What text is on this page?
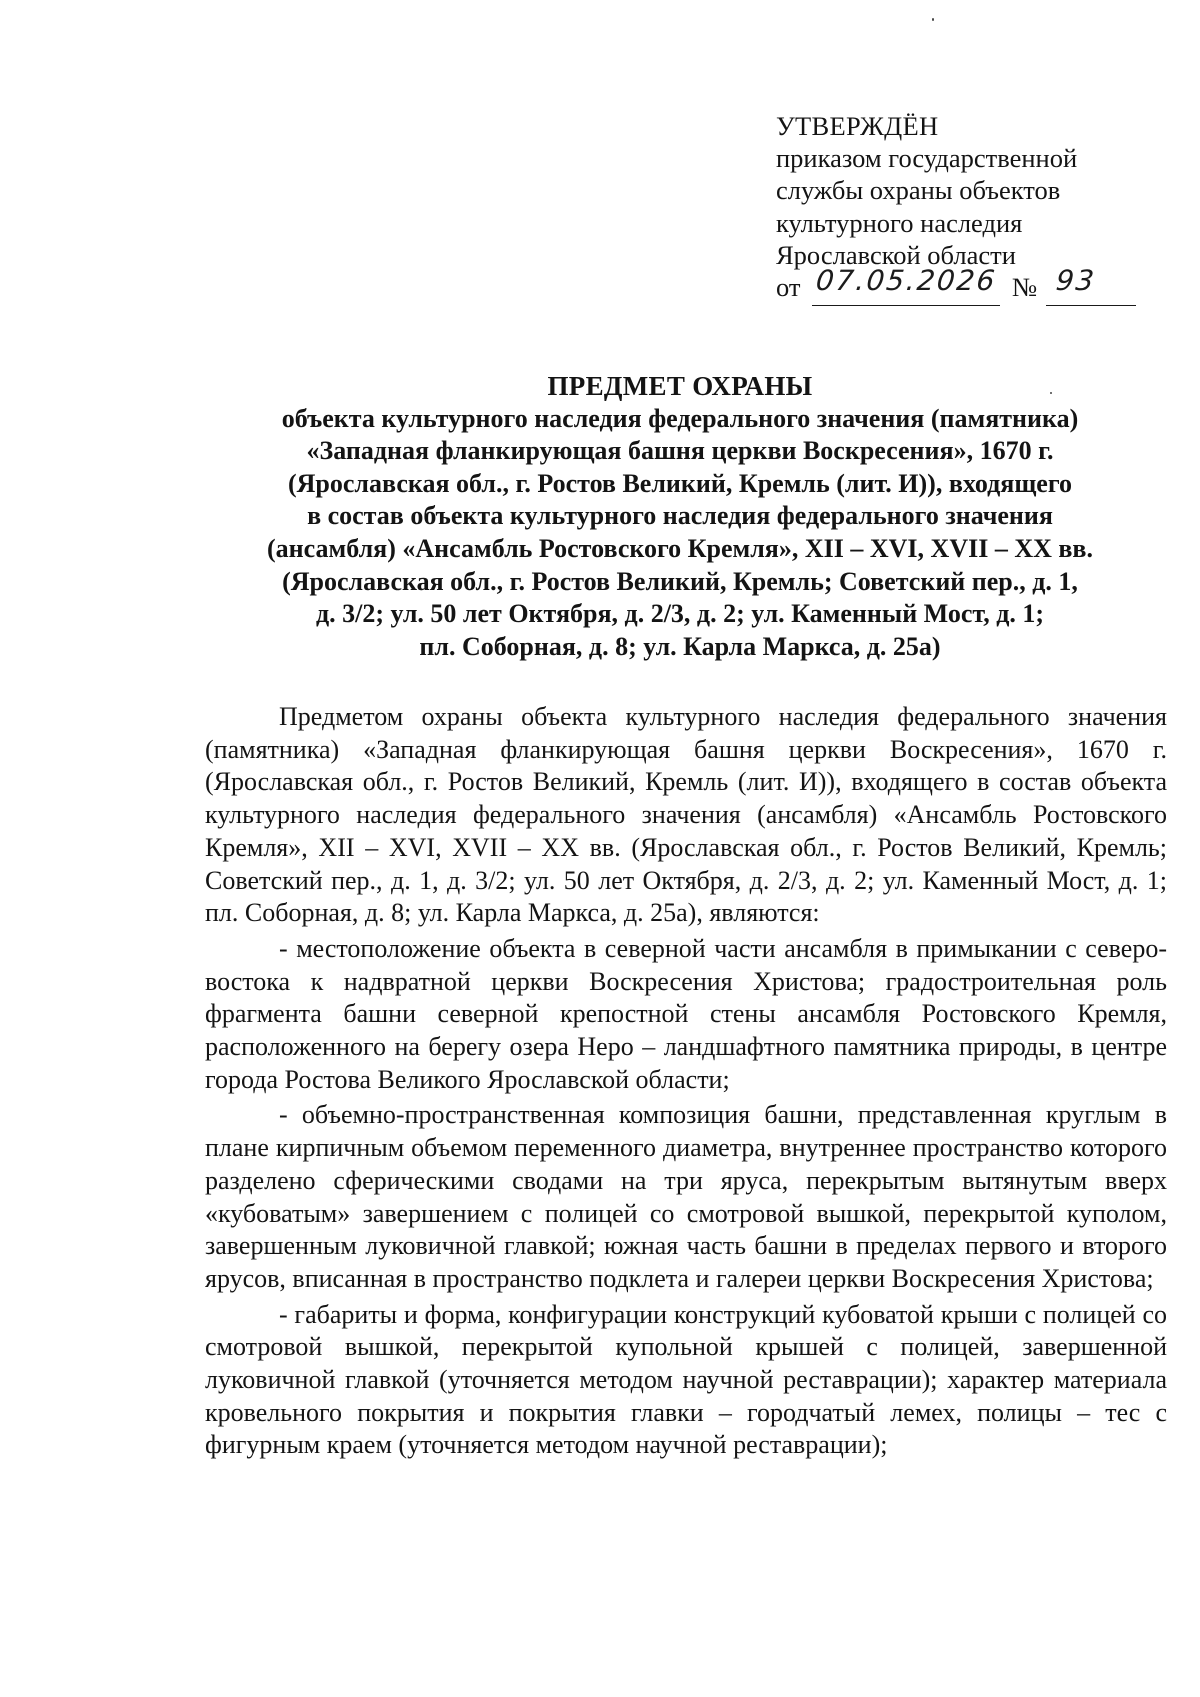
УТВЕРЖДЁН
приказом государственной
службы охраны объектов
культурного наследия
Ярославской области
от 07.05.2026 № 93
ПРЕДМЕТ ОХРАНЫ
объекта культурного наследия федерального значения (памятника)
«Западная фланкирующая башня церкви Воскресения», 1670 г.
(Ярославская обл., г. Ростов Великий, Кремль (лит. И)), входящего
в состав объекта культурного наследия федерального значения
(ансамбля) «Ансамбль Ростовского Кремля», XII – XVI, XVII – XX вв.
(Ярославская обл., г. Ростов Великий, Кремль; Советский пер., д. 1,
д. 3/2; ул. 50 лет Октября, д. 2/3, д. 2; ул. Каменный Мост, д. 1;
пл. Соборная, д. 8; ул. Карла Маркса, д. 25а)

Предметом охраны объекта культурного наследия федерального значения (памятника) «Западная фланкирующая башня церкви Воскресения», 1670 г. (Ярославская обл., г. Ростов Великий, Кремль (лит. И)), входящего в состав объекта культурного наследия федерального значения (ансамбля) «Ансамбль Ростовского Кремля», XII – XVI, XVII – XX вв. (Ярославская обл., г. Ростов Великий, Кремль; Советский пер., д. 1, д. 3/2; ул. 50 лет Октября, д. 2/3, д. 2; ул. Каменный Мост, д. 1; пл. Соборная, д. 8; ул. Карла Маркса, д. 25а), являются:

- местоположение объекта в северной части ансамбля в примыкании с северо-востока к надвратной церкви Воскресения Христова; градостроительная роль фрагмента башни северной крепостной стены ансамбля Ростовского Кремля, расположенного на берегу озера Неро – ландшафтного памятника природы, в центре города Ростова Великого Ярославской области;

- объемно-пространственная композиция башни, представленная круглым в плане кирпичным объемом переменного диаметра, внутреннее пространство которого разделено сферическими сводами на три яруса, перекрытым вытянутым вверх «кубоватым» завершением с полицей со смотровой вышкой, перекрытой куполом, завершенным луковичной главкой; южная часть башни в пределах первого и второго ярусов, вписанная в пространство подклета и галереи церкви Воскресения Христова;

- габариты и форма, конфигурации конструкций кубоватой крыши с полицей со смотровой вышкой, перекрытой купольной крышей с полицей, завершенной луковичной главкой (уточняется методом научной реставрации); характер материала кровельного покрытия и покрытия главки – городчатый лемех, полицы – тес с фигурным краем (уточняется методом научной реставрации);
